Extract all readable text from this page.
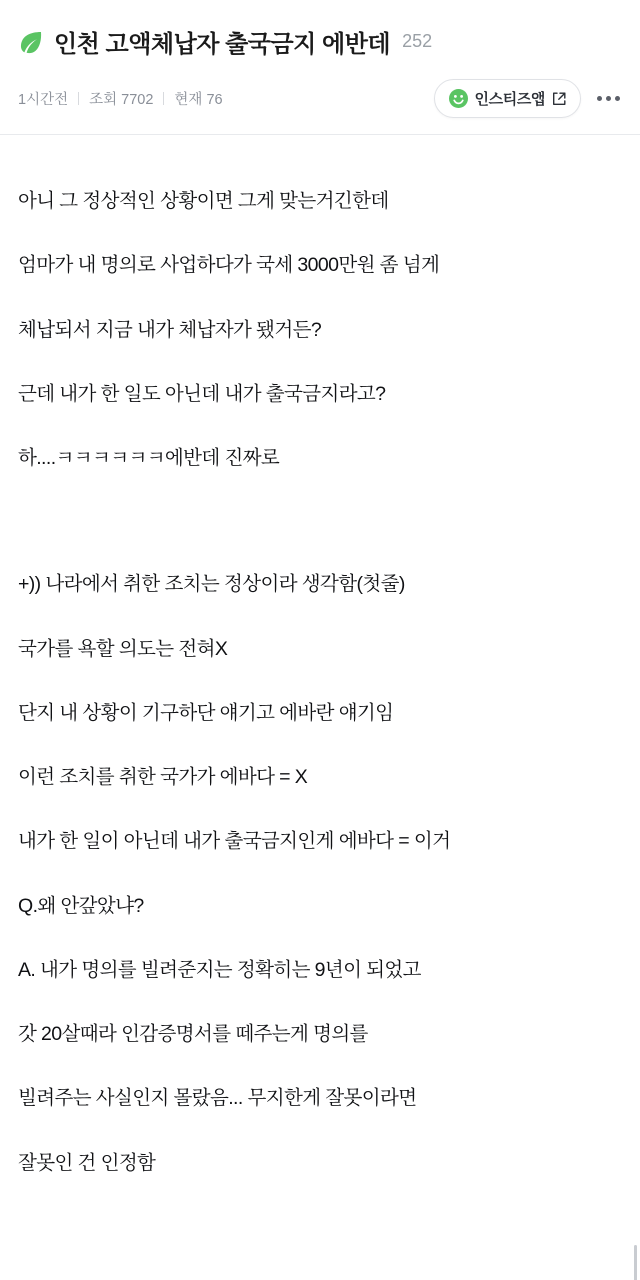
인천 고액체납자 출국금지 에반데 252
1시간전 조회 7702 현재 76	인스티즈앱

아니 그 정상적인 상황이면 그게 맞는거긴한데

엄마가 내 명의로 사업하다가 국세 3000만원 좀 넘게

체납되서 지금 내가 체납자가 됐거든?

근데 내가 한 일도 아닌데 내가 출국금지라고?

하....ㅋㅋㅋㅋㅋㅋ에반데 진짜로

+)) 나라에서 취한 조치는 정상이라 생각함(첫줄)

국가를 욕할 의도는 전혀X

단지 내 상황이 기구하단 얘기고 에바란 얘기임

이런 조치를 취한 국가가 에바다 = X

내가 한 일이 아닌데 내가 출국금지인게 에바다 = 이거

Q.왜 안갚았냐?

A. 내가 명의를 빌려준지는 정확히는 9년이 되었고

갓 20살때라 인감증명서를 떼주는게 명의를

빌려주는 사실인지 몰랐음... 무지한게 잘못이라면

잘못인 건 인정함
